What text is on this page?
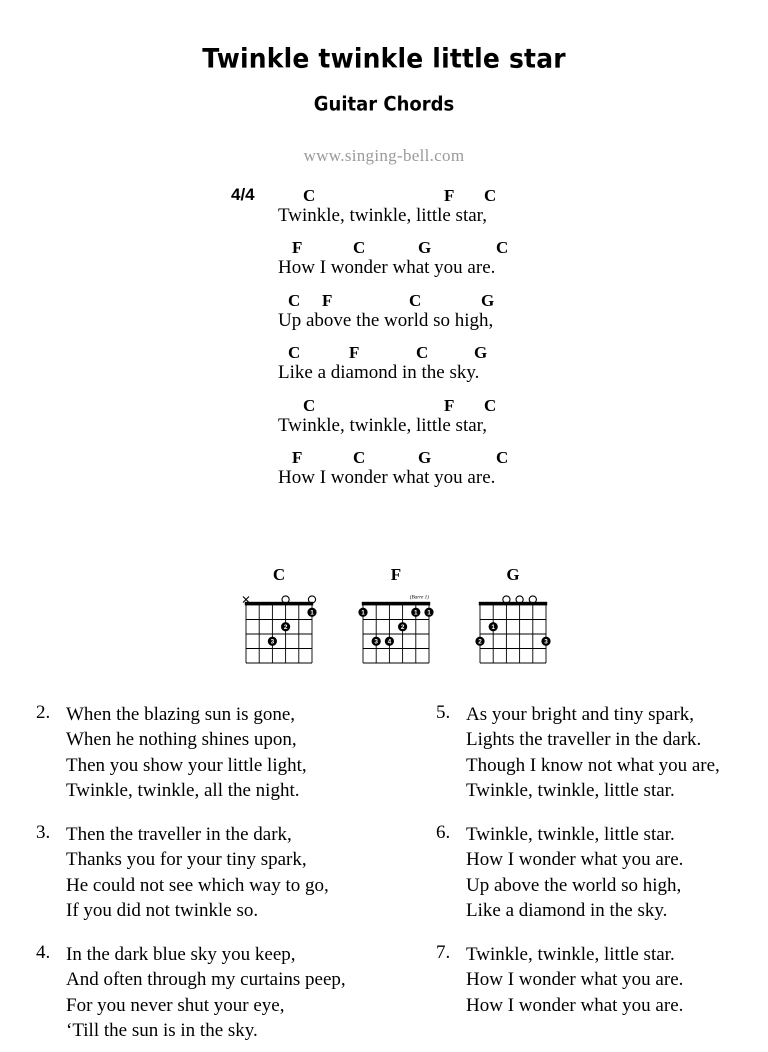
Twinkle twinkle little star
Guitar Chords
www.singing-bell.com
4/4	C	F C
Twinkle, twinkle, little star,
F	C	G	C
How I wonder what you are.
C F	C	G
Up above the world so high,
C	F	C	G
Like a diamond in the sky.
C	F C
Twinkle, twinkle, little star,
F	C	G	C
How I wonder what you are.
C
1
2
3
F
(Barre 1)
1	1 1
2
3 4
G
1
2	3
2. When the blazing sun is gone,
When he nothing shines upon,
Then you show your little light,
Twinkle, twinkle, all the night.
3. Then the traveller in the dark,
Thanks you for your tiny spark,
He could not see which way to go,
If you did not twinkle so.
4. In the dark blue sky you keep,
And often through my curtains peep,
For you never shut your eye,
‘Till the sun is in the sky.
5. As your bright and tiny spark,
Lights the traveller in the dark.
Though I know not what you are,
Twinkle, twinkle, little star.
6. Twinkle, twinkle, little star.
How I wonder what you are.
Up above the world so high,
Like a diamond in the sky.
7. Twinkle, twinkle, little star.
How I wonder what you are.
How I wonder what you are.
